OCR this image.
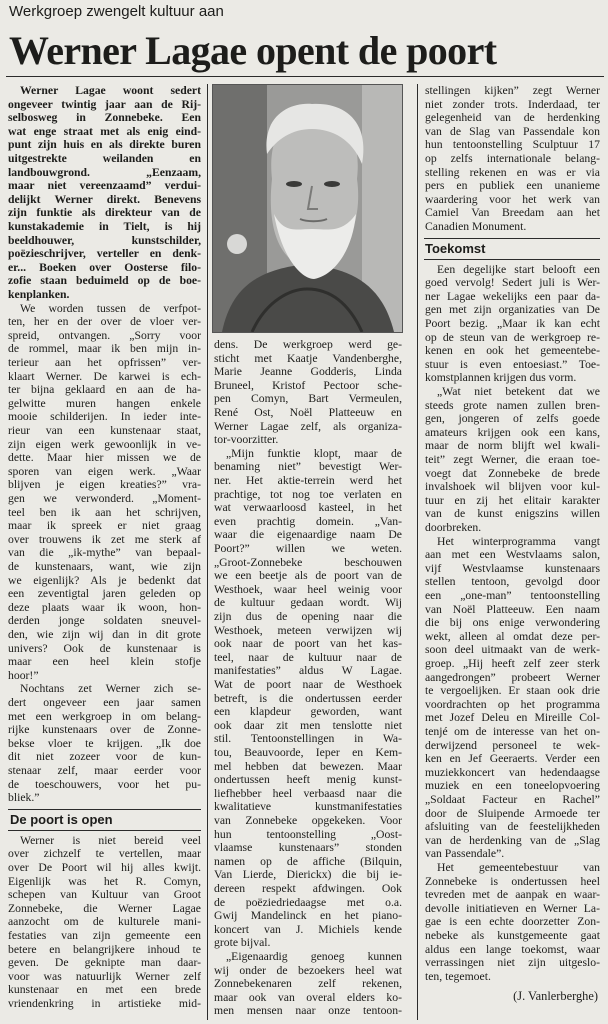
Werkgroep zwengelt kultuur aan
Werner Lagae opent de poort
Werner Lagae woont sedert
ongeveer twintig jaar aan de Rij-
selbosweg in Zonnebeke. Een
wat enge straat met als enig eind-
punt zijn huis en als direkte buren
uitgestrekte weilanden en
landbouwgrond. „Eenzaam,
maar niet vereenzaamd” verdui-
delijkt Werner direkt. Benevens
zijn funktie als direkteur van de
kunstakademie in Tielt, is hij
beeldhouwer, kunstschilder,
poëzieschrijver, verteller en denk-
er... Boeken over Oosterse filo-
zofie staan beduimeld op de boe-
kenplanken.
We worden tussen de verfpot-
ten, her en der over de vloer ver-
spreid, ontvangen. „Sorry voor
de rommel, maar ik ben mijn in-
terieur aan het opfrissen” ver-
klaart Werner. De karwei is ech-
ter bijna geklaard en aan de ha-
gelwitte muren hangen enkele
mooie schilderijen. In ieder inte-
rieur van een kunstenaar staat,
zijn eigen werk gewoonlijk in ve-
dette. Maar hier missen we de
sporen van eigen werk. „Waar
blijven je eigen kreaties?” vra-
gen we verwonderd. „Moment-
teel ben ik aan het schrijven,
maar ik spreek er niet graag
over trouwens ik zet me sterk af
van die „ik-mythe” van bepaal-
de kunstenaars, want, wie zijn
we eigenlijk? Als je bedenkt dat
een zeventigtal jaren geleden op
deze plaats waar ik woon, hon-
derden jonge soldaten sneuvel-
den, wie zijn wij dan in dit grote
univers? Ook de kunstenaar is
maar een heel klein stofje
hoor!”
Nochtans zet Werner zich se-
dert ongeveer een jaar samen
met een werkgroep in om belang-
rijke kunstenaars over de Zonne-
bekse vloer te krijgen. „Ik doe
dit niet zozeer voor de kun-
stenaar zelf, maar eerder voor
de toeschouwers, voor het pu-
bliek.”
De poort is open
Werner is niet bereid veel
over zichzelf te vertellen, maar
over De Poort wil hij alles kwijt.
Eigenlijk was het R. Comyn,
schepen van Kultuur van Groot
Zonnebeke, die Werner Lagae
aanzocht om de kulturele mani-
festaties van zijn gemeente een
betere en belangrijkere inhoud te
geven. De geknipte man daar-
voor was natuurlijk Werner zelf
kunstenaar en met een brede
vriendenkring in artistieke mid-
dens. De werkgroep werd ge-
sticht met Kaatje Vandenberghe,
Marie Jeanne Godderis, Linda
Bruneel, Kristof Pectoor sche-
pen Comyn, Bart Vermeulen,
René Ost, Noël Platteeuw en
Werner Lagae zelf, als organiza-
tor-voorzitter.
„Mijn funktie klopt, maar de
benaming niet” bevestigt Wer-
ner. Het aktie-terrein werd het
prachtige, tot nog toe verlaten en
wat verwaarloosd kasteel, in het
even prachtig domein. „Van-
waar die eigenaardige naam De
Poort?” willen we weten.
„Groot-Zonnebeke beschouwen
we een beetje als de poort van de
Westhoek, waar heel weinig voor
de kultuur gedaan wordt. Wij
zijn dus de opening naar die
Westhoek, meteen verwijzen wij
ook naar de poort van het kas-
teel, naar de kultuur naar de
manifestaties” aldus W Lagae.
Wat de poort naar de Westhoek
betreft, is die ondertussen eerder
een klapdeur geworden, want
ook daar zit men tenslotte niet
stil. Tentoonstellingen in Wa-
tou, Beauvoorde, Ieper en Kem-
mel hebben dat bewezen. Maar
ondertussen heeft menig kunst-
liefhebber heel verbaasd naar die
kwalitatieve kunstmanifestaties
van Zonnebeke opgekeken. Voor
hun tentoonstelling „Oost-
vlaamse kunstenaars” stonden
namen op de affiche (Bilquin,
Van Lierde, Dierickx) die bij ie-
dereen respekt afdwingen. Ook
de poëziedriedaagse met o.a.
Gwij Mandelinck en het piano-
koncert van J. Michiels kende
grote bijval.
„Eigenaardig genoeg kunnen
wij onder de bezoekers heel wat
Zonnebekenaren zelf rekenen,
maar ook van overal elders ko-
men mensen naar onze tentoon-
stellingen kijken” zegt Werner
niet zonder trots. Inderdaad, ter
gelegenheid van de herdenking
van de Slag van Passendale kon
hun tentoonstelling Sculptuur 17
op zelfs internationale belang-
stelling rekenen en was er via
pers en publiek een unanieme
waardering voor het werk van
Camiel Van Breedam aan het
Canadien Monument.
Toekomst
Een degelijke start belooft een
goed vervolg! Sedert juli is Wer-
ner Lagae wekelijks een paar da-
gen met zijn organizaties van De
Poort bezig. „Maar ik kan echt
op de steun van de werkgroep re-
kenen en ook het gemeentebe-
stuur is even entoesiast.” Toe-
komstplannen krijgen dus vorm.
„Wat niet betekent dat we
steeds grote namen zullen bren-
gen, jongeren of zelfs goede
amateurs krijgen ook een kans,
maar de norm blijft wel kwali-
teit” zegt Werner, die eraan toe-
voegt dat Zonnebeke de brede
invalshoek wil blijven voor kul-
tuur en zij het elitair karakter
van de kunst enigszins willen
doorbreken.
Het winterprogramma vangt
aan met een Westvlaams salon,
vijf Westvlaamse kunstenaars
stellen tentoon, gevolgd door
een „one-man” tentoonstelling
van Noël Platteeuw. Een naam
die bij ons enige verwondering
wekt, alleen al omdat deze per-
soon deel uitmaakt van de werk-
groep. „Hij heeft zelf zeer sterk
aangedrongen” probeert Werner
te vergoelijken. Er staan ook drie
voordrachten op het programma
met Jozef Deleu en Mireille Col-
tenjé om de interesse van het on-
derwijzend personeel te wek-
ken en Jef Geeraerts. Verder een
muziekkoncert van hedendaagse
muziek en een toneelopvoering
„Soldaat Facteur en Rachel”
door de Sluipende Armoede ter
afsluiting van de feestelijkheden
van de herdenking van de „Slag
van Passendale”.
Het gemeentebestuur van
Zonnebeke is ondertussen heel
tevreden met de aanpak en waar-
devolle initiatieven en Werner La-
gae is een echte doorzetter Zon-
nebeke als kunstgemeente gaat
aldus een lange toekomst, waar
verrassingen niet zijn uitgeslo-
ten, tegemoet.
(J. Vanlerberghe)
